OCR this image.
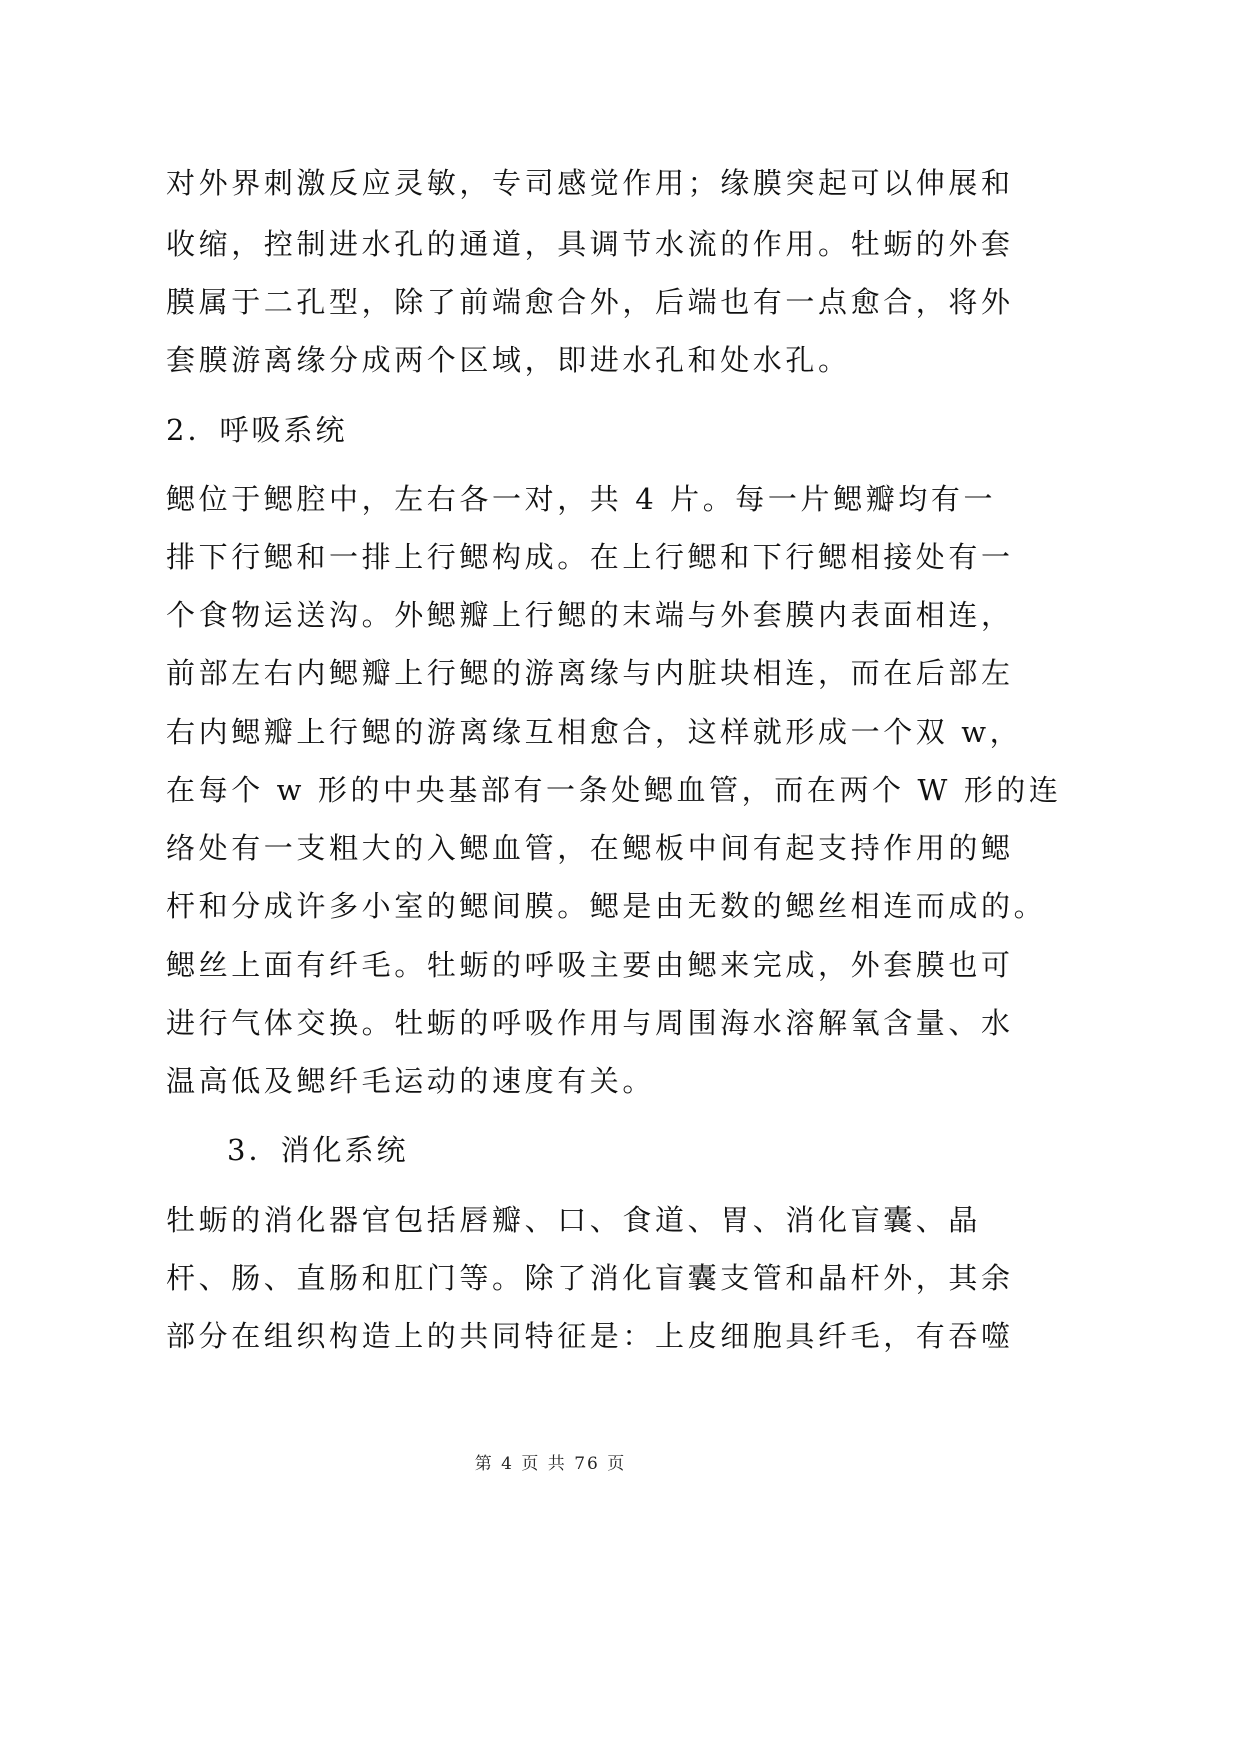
对外界刺激反应灵敏，专司感觉作用；缘膜突起可以伸展和
收缩，控制进水孔的通道，具调节水流的作用。牡蛎的外套
膜属于二孔型，除了前端愈合外，后端也有一点愈合，将外
套膜游离缘分成两个区域，即进水孔和处水孔。
2．呼吸系统
鳃位于鳃腔中，左右各一对，共 4 片。每一片鳃瓣均有一
排下行鳃和一排上行鳃构成。在上行鳃和下行鳃相接处有一
个食物运送沟。外鳃瓣上行鳃的末端与外套膜内表面相连，
前部左右内鳃瓣上行鳃的游离缘与内脏块相连，而在后部左
右内鳃瓣上行鳃的游离缘互相愈合，这样就形成一个双 w，
在每个 w 形的中央基部有一条处鳃血管，而在两个 W 形的连
络处有一支粗大的入鳃血管，在鳃板中间有起支持作用的鳃
杆和分成许多小室的鳃间膜。鳃是由无数的鳃丝相连而成的。
鳃丝上面有纤毛。牡蛎的呼吸主要由鳃来完成，外套膜也可
进行气体交换。牡蛎的呼吸作用与周围海水溶解氧含量、水
温高低及鳃纤毛运动的速度有关。
3．消化系统
牡蛎的消化器官包括唇瓣、口、食道、胃、消化盲囊、晶
杆、肠、直肠和肛门等。除了消化盲囊支管和晶杆外，其余
部分在组织构造上的共同特征是：上皮细胞具纤毛，有吞噬
第 4 页 共 76 页
